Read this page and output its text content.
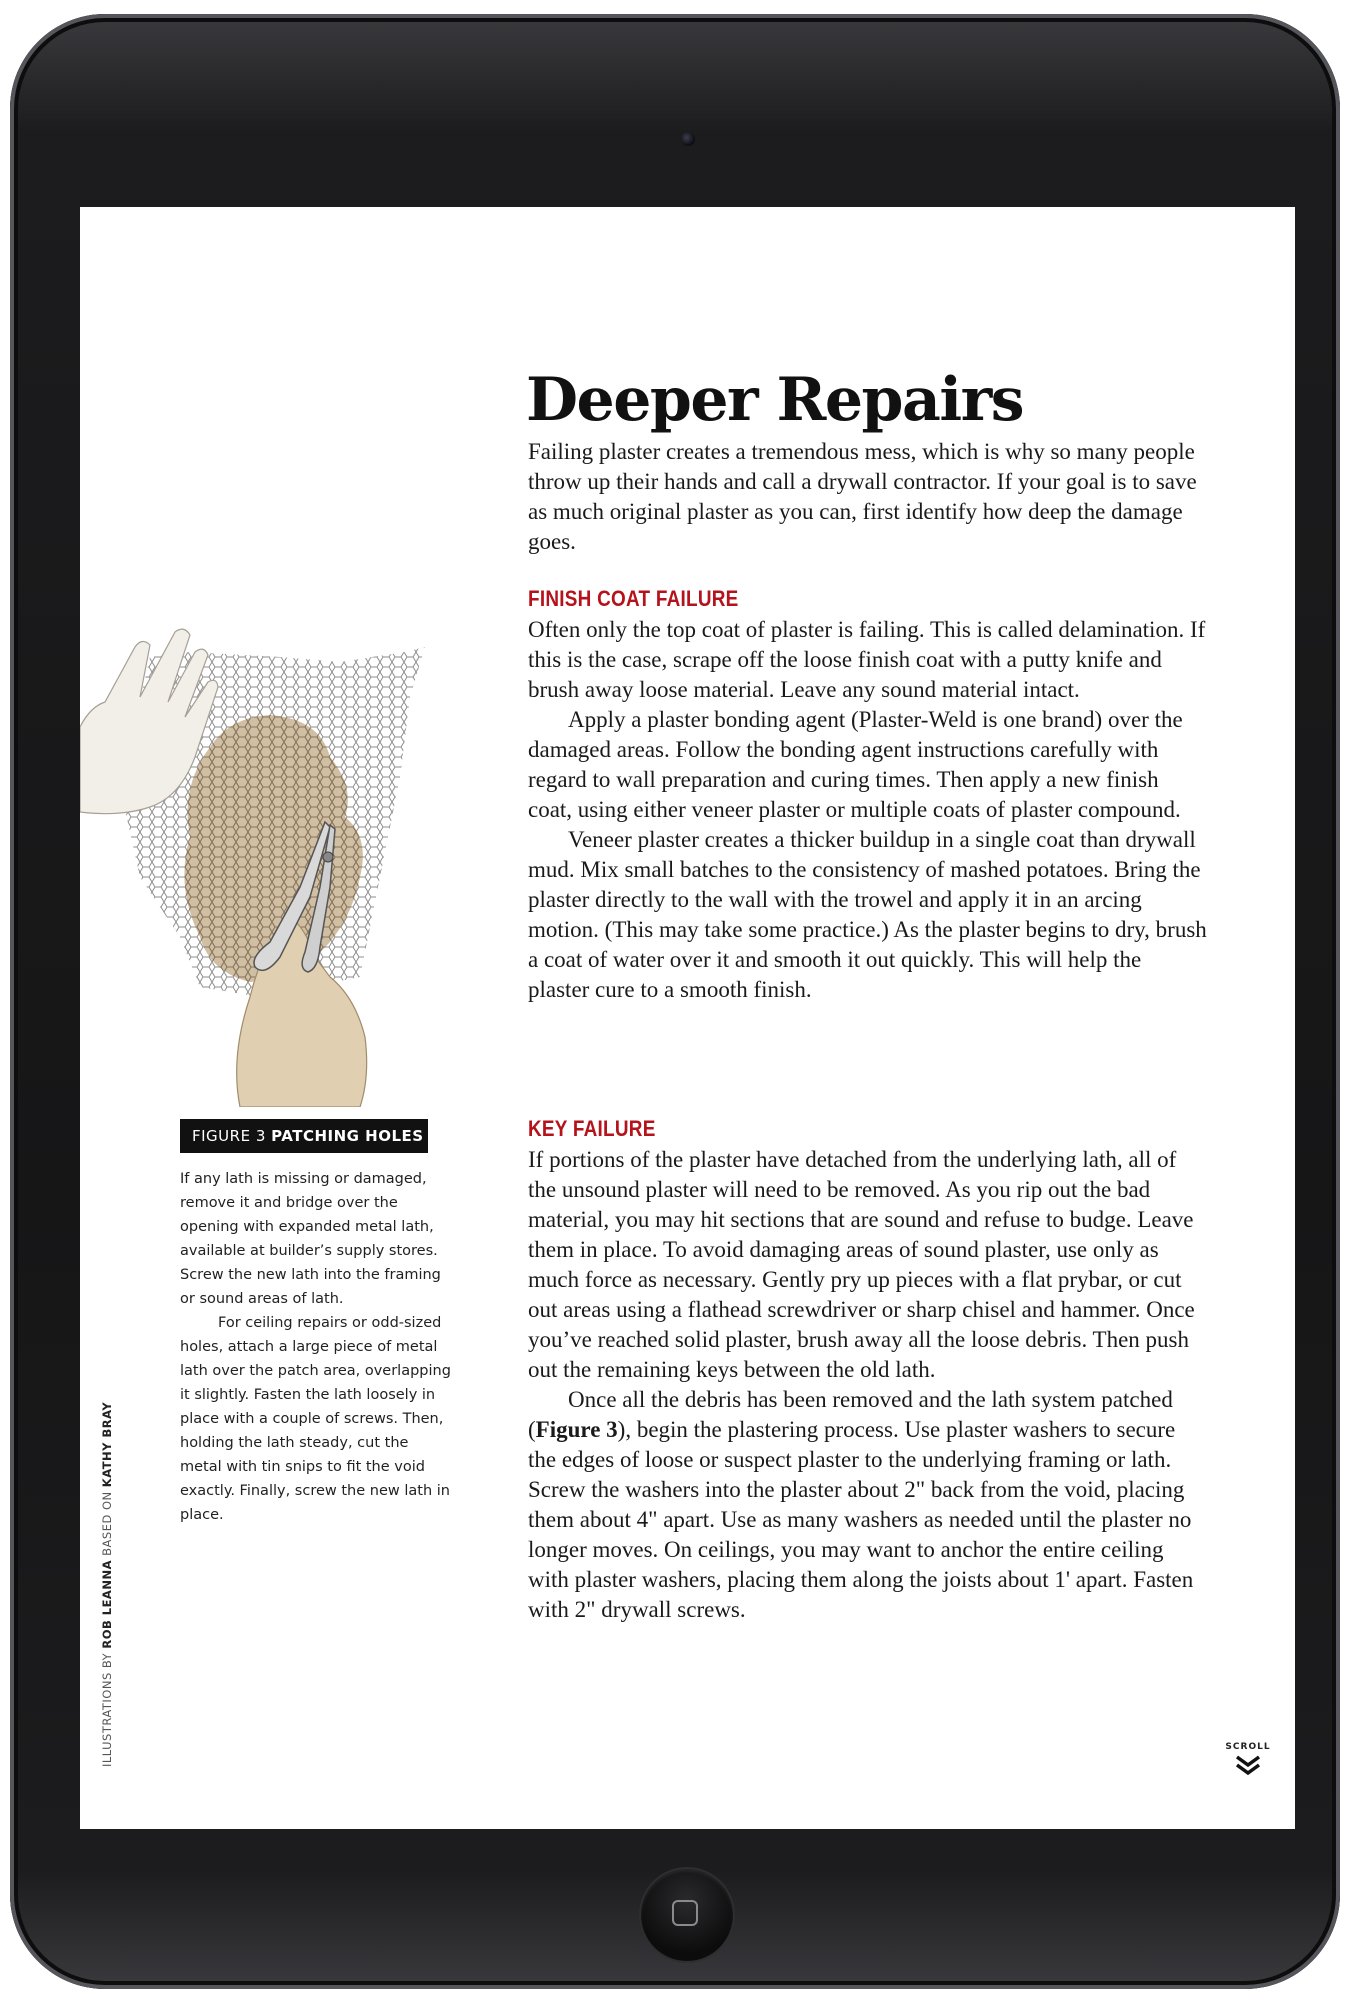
FIGURE 3 PATCHING HOLES

If any lath is missing or damaged, remove it and bridge over the opening with expanded metal lath, available at builder’s supply stores. Screw the new lath into the framing or sound areas of lath.

For ceiling repairs or odd-sized holes, attach a large piece of metal lath over the patch area, overlapping it slightly. Fasten the lath loosely in place with a couple of screws. Then, holding the lath steady, cut the metal with tin snips to fit the void exactly. Finally, screw the new lath in place.

ILLUSTRATIONS BY ROB LEANNA BASED ON KATHY BRAY
Deeper Repairs

Failing plaster creates a tremendous mess, which is why so many people throw up their hands and call a drywall contractor. If your goal is to save as much original plaster as you can, first identify how deep the damage goes.

FINISH COAT FAILURE

Often only the top coat of plaster is failing. This is called delamination. If this is the case, scrape off the loose finish coat with a putty knife and brush away loose material. Leave any sound material intact.

Apply a plaster bonding agent (Plaster-Weld is one brand) over the damaged areas. Follow the bonding agent instructions carefully with regard to wall preparation and curing times. Then apply a new finish coat, using either veneer plaster or multiple coats of plaster compound.

Veneer plaster creates a thicker buildup in a single coat than drywall mud. Mix small batches to the consistency of mashed potatoes. Bring the plaster directly to the wall with the trowel and apply it in an arcing motion. (This may take some practice.) As the plaster begins to dry, brush a coat of water over it and smooth it out quickly. This will help the plaster cure to a smooth finish.

KEY FAILURE

If portions of the plaster have detached from the underlying lath, all of the unsound plaster will need to be removed. As you rip out the bad material, you may hit sections that are sound and refuse to budge. Leave them in place. To avoid damaging areas of sound plaster, use only as much force as necessary. Gently pry up pieces with a flat prybar, or cut out areas using a flathead screwdriver or sharp chisel and hammer. Once you’ve reached solid plaster, brush away all the loose debris. Then push out the remaining keys between the old lath.

Once all the debris has been removed and the lath system patched (Figure 3), begin the plastering process. Use plaster washers to secure the edges of loose or suspect plaster to the underlying framing or lath. Screw the washers into the plaster about 2" back from the void, placing them about 4" apart. Use as many washers as needed until the plaster no longer moves. On ceilings, you may want to anchor the entire ceiling with plaster washers, placing them along the joists about 1' apart. Fasten with 2" drywall screws.

SCROLL
